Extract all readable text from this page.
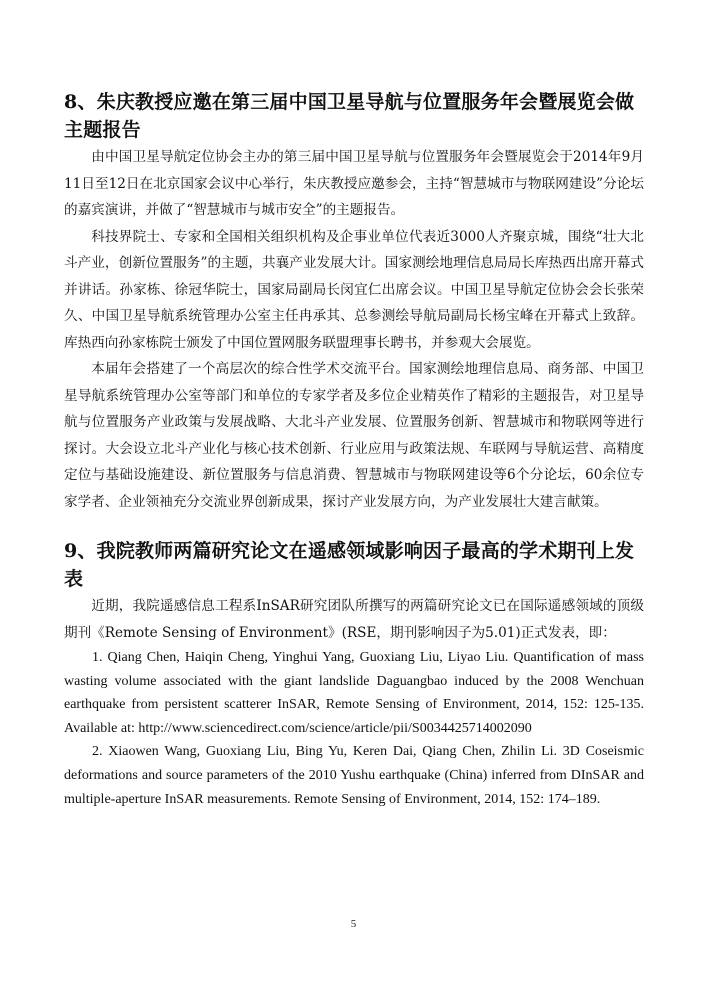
8、朱庆教授应邀在第三届中国卫星导航与位置服务年会暨展览会做主题报告

由中国卫星导航定位协会主办的第三届中国卫星导航与位置服务年会暨展览会于2014年9月11日至12日在北京国家会议中心举行，朱庆教授应邀参会，主持“智慧城市与物联网建设”分论坛的嘉宾演讲，并做了“智慧城市与城市安全”的主题报告。

科技界院士、专家和全国相关组织机构及企事业单位代表近3000人齐聚京城，围绕“壮大北斗产业，创新位置服务”的主题，共襄产业发展大计。国家测绘地理信息局局长库热西出席开幕式并讲话。孙家栋、徐冠华院士，国家局副局长闵宜仁出席会议。中国卫星导航定位协会会长张荣久、中国卫星导航系统管理办公室主任冉承其、总参测绘导航局副局长杨宝峰在开幕式上致辞。库热西向孙家栋院士颁发了中国位置网服务联盟理事长聘书，并参观大会展览。

本届年会搭建了一个高层次的综合性学术交流平台。国家测绘地理信息局、商务部、中国卫星导航系统管理办公室等部门和单位的专家学者及多位企业精英作了精彩的主题报告，对卫星导航与位置服务产业政策与发展战略、大北斗产业发展、位置服务创新、智慧城市和物联网等进行探讨。大会设立北斗产业化与核心技术创新、行业应用与政策法规、车联网与导航运营、高精度定位与基础设施建设、新位置服务与信息消费、智慧城市与物联网建设等6个分论坛，60余位专家学者、企业领袖充分交流业界创新成果，探讨产业发展方向，为产业发展壮大建言献策。

9、我院教师两篇研究论文在遥感领域影响因子最高的学术期刊上发表

近期，我院遥感信息工程系InSAR研究团队所撰写的两篇研究论文已在国际遥感领域的顶级期刊《Remote Sensing of Environment》(RSE，期刊影响因子为5.01)正式发表，即：

1. Qiang Chen, Haiqin Cheng, Yinghui Yang, Guoxiang Liu, Liyao Liu. Quantification of mass wasting volume associated with the giant landslide Daguangbao induced by the 2008 Wenchuan earthquake from persistent scatterer InSAR, Remote Sensing of Environment, 2014, 152: 125-135. Available at: http://www.sciencedirect.com/science/article/pii/S0034425714002090

2. Xiaowen Wang, Guoxiang Liu, Bing Yu, Keren Dai, Qiang Chen, Zhilin Li. 3D Coseismic deformations and source parameters of the 2010 Yushu earthquake (China) inferred from DInSAR and multiple-aperture InSAR measurements. Remote Sensing of Environment, 2014, 152: 174–189.

5
